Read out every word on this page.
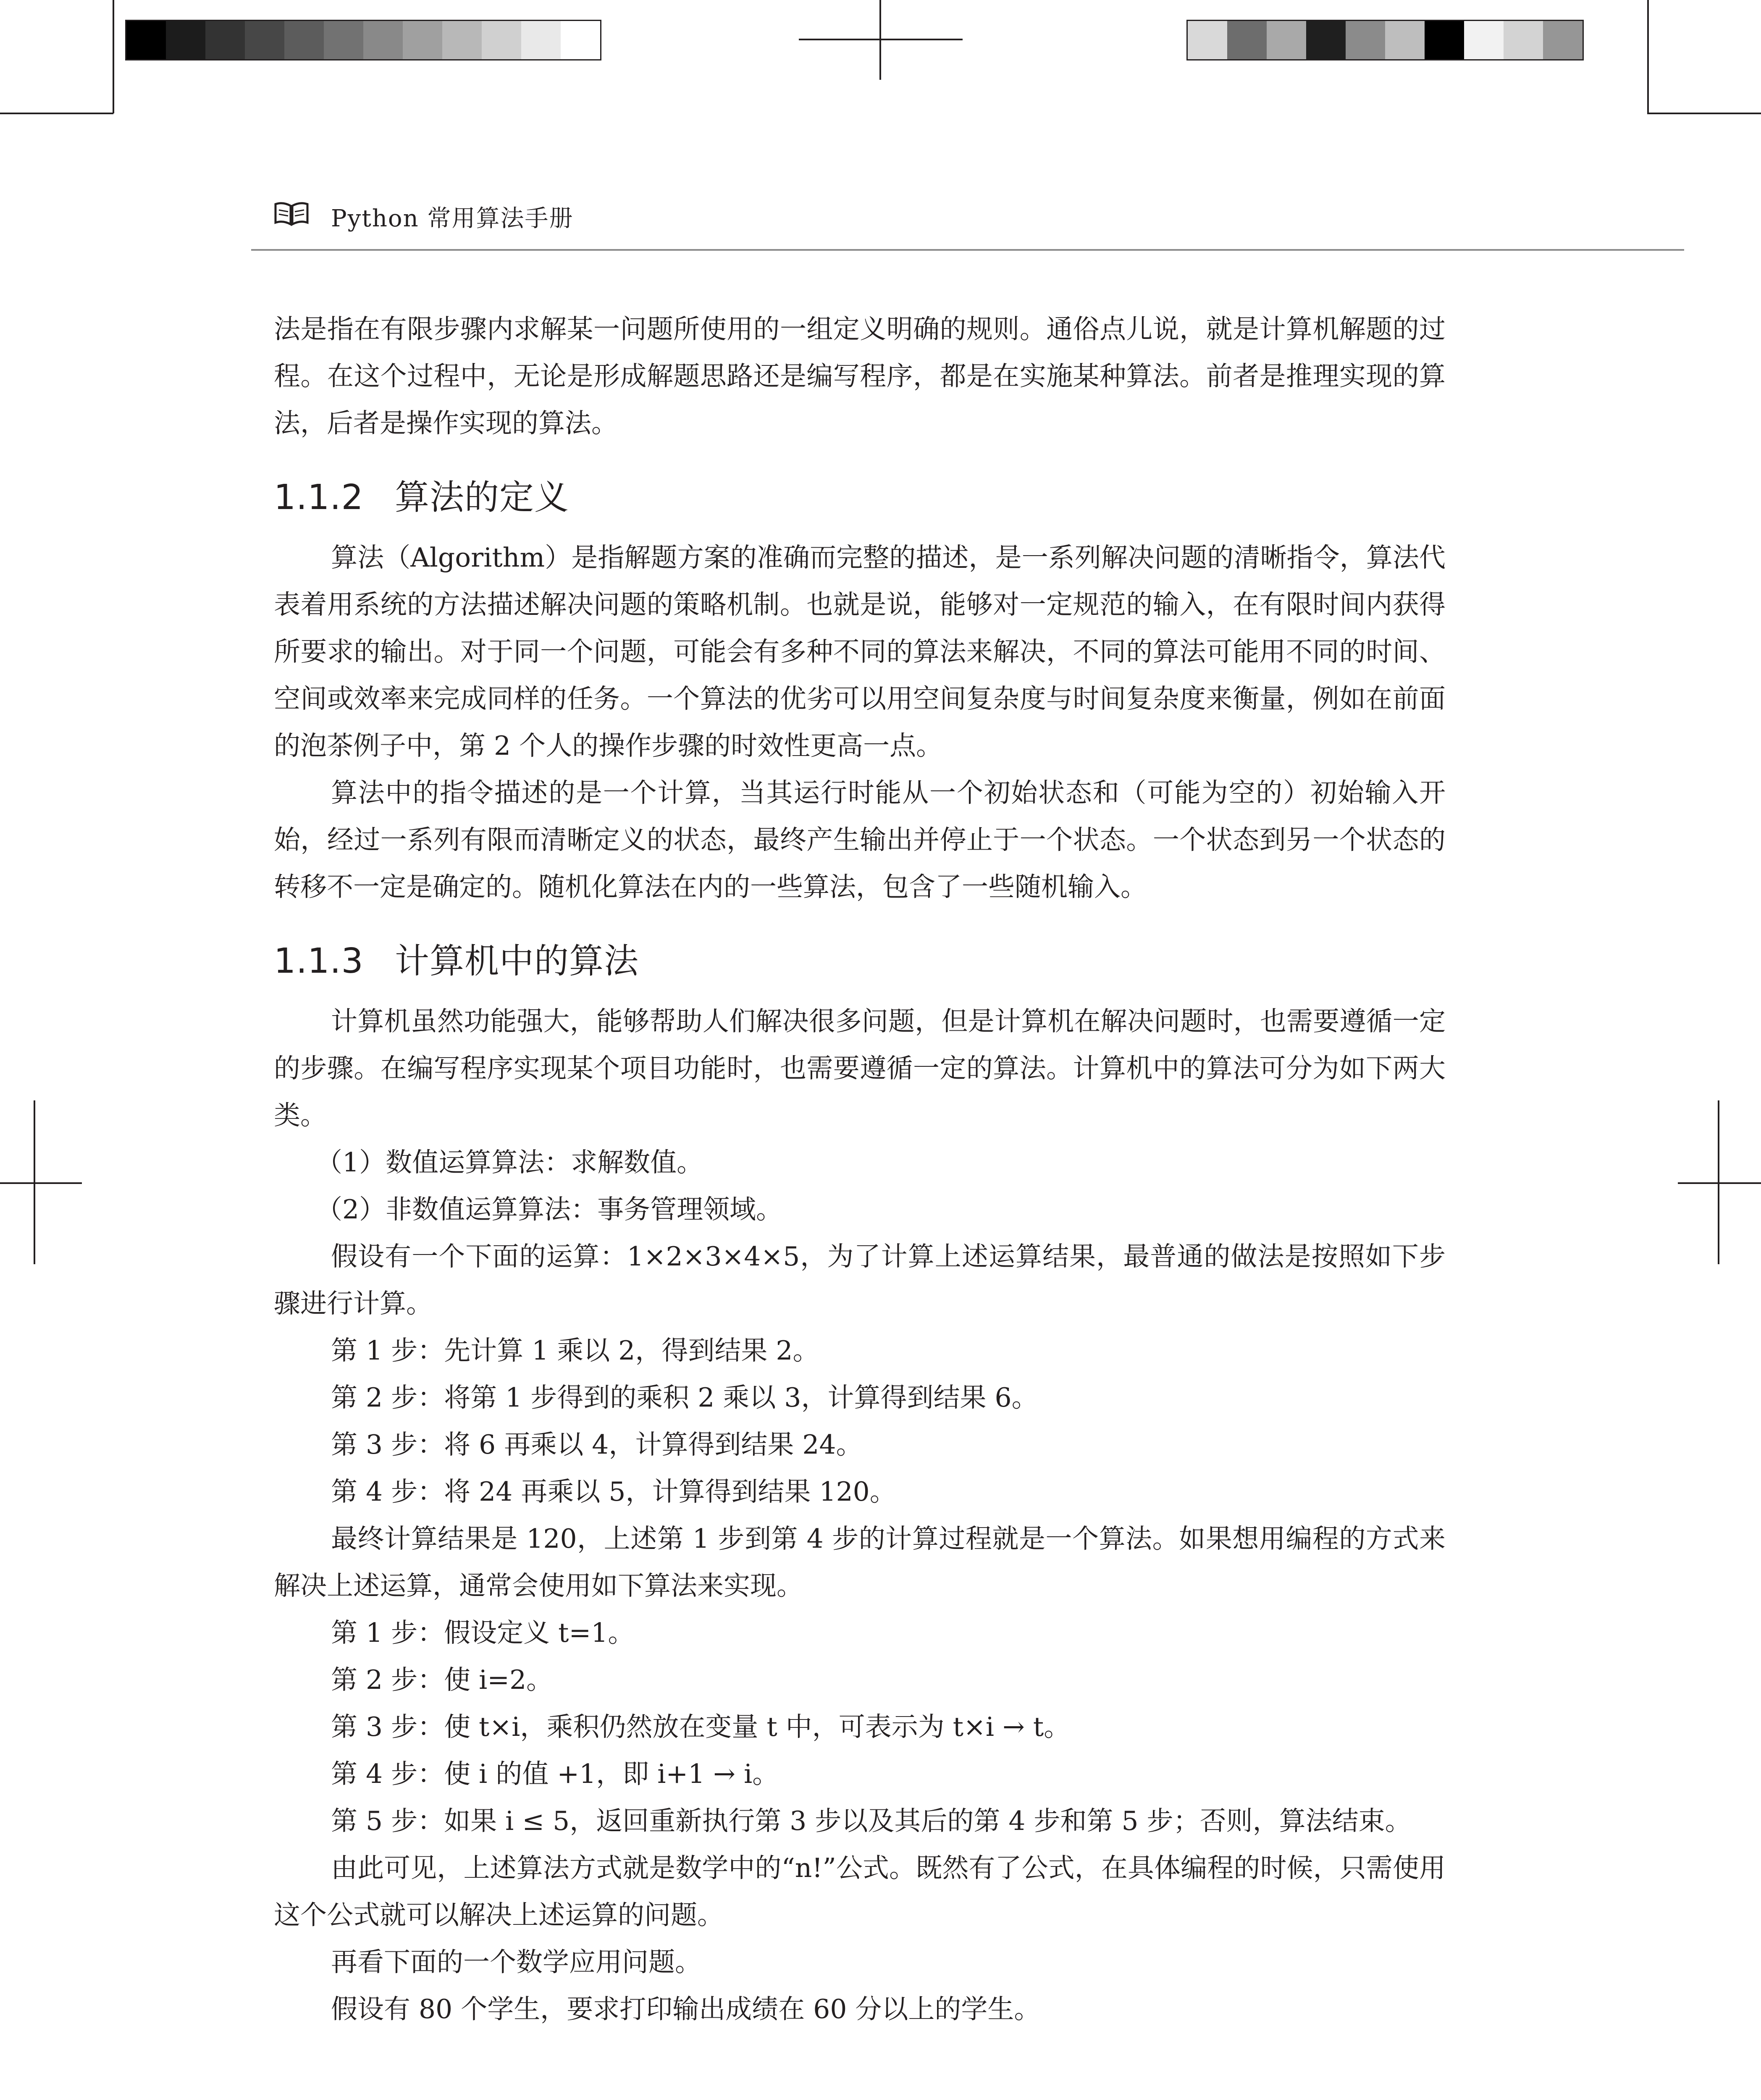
Python 常用算法手册

法是指在有限步骤内求解某一问题所使用的一组定义明确的规则。通俗点儿说，就是计算机解题的过程。在这个过程中，无论是形成解题思路还是编写程序，都是在实施某种算法。前者是推理实现的算法，后者是操作实现的算法。

1.1.2 算法的定义

算法（Algorithm）是指解题方案的准确而完整的描述，是一系列解决问题的清晰指令，算法代表着用系统的方法描述解决问题的策略机制。也就是说，能够对一定规范的输入，在有限时间内获得所要求的输出。对于同一个问题，可能会有多种不同的算法来解决，不同的算法可能用不同的时间、空间或效率来完成同样的任务。一个算法的优劣可以用空间复杂度与时间复杂度来衡量，例如在前面的泡茶例子中，第 2 个人的操作步骤的时效性更高一点。

算法中的指令描述的是一个计算，当其运行时能从一个初始状态和（可能为空的）初始输入开始，经过一系列有限而清晰定义的状态，最终产生输出并停止于一个状态。一个状态到另一个状态的转移不一定是确定的。随机化算法在内的一些算法，包含了一些随机输入。

1.1.3 计算机中的算法

计算机虽然功能强大，能够帮助人们解决很多问题，但是计算机在解决问题时，也需要遵循一定的步骤。在编写程序实现某个项目功能时，也需要遵循一定的算法。计算机中的算法可分为如下两大类。

（1）数值运算算法：求解数值。

（2）非数值运算算法：事务管理领域。

假设有一个下面的运算：1×2×3×4×5，为了计算上述运算结果，最普通的做法是按照如下步骤进行计算。

第 1 步：先计算 1 乘以 2，得到结果 2。

第 2 步：将第 1 步得到的乘积 2 乘以 3，计算得到结果 6。

第 3 步：将 6 再乘以 4，计算得到结果 24。

第 4 步：将 24 再乘以 5，计算得到结果 120。

最终计算结果是 120，上述第 1 步到第 4 步的计算过程就是一个算法。如果想用编程的方式来解决上述运算，通常会使用如下算法来实现。

第 1 步：假设定义 t=1。

第 2 步：使 i=2。

第 3 步：使 t×i，乘积仍然放在变量 t 中，可表示为 t×i → t。

第 4 步：使 i 的值 +1，即 i+1 → i。

第 5 步：如果 i ≤ 5，返回重新执行第 3 步以及其后的第 4 步和第 5 步；否则，算法结束。

由此可见，上述算法方式就是数学中的“n!”公式。既然有了公式，在具体编程的时候，只需使用这个公式就可以解决上述运算的问题。

再看下面的一个数学应用问题。

假设有 80 个学生，要求打印输出成绩在 60 分以上的学生。
